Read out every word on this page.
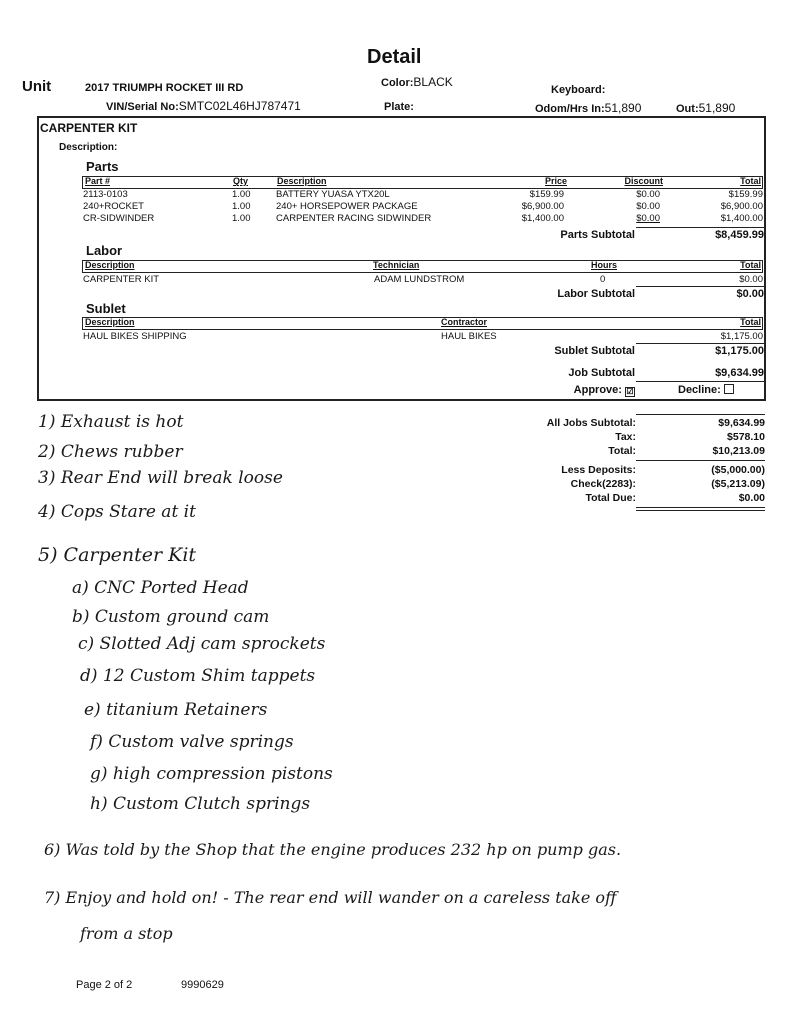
Detail
Unit	2017 TRIUMPH ROCKET III RD
VIN/Serial No:SMTC02L46HJ787471
Color:BLACK
Plate:
Keyboard:
Odom/Hrs In:51,890	Out:51,890
CARPENTER KIT
Description:
Parts
Part #	Qty	Description	Price	Discount	Total
2113-0103	1.00	BATTERY YUASA YTX20L	$159.99	$0.00	$159.99
240+ROCKET	1.00	240+ HORSEPOWER PACKAGE	$6,900.00	$0.00	$6,900.00
CR-SIDWINDER	1.00	CARPENTER RACING SIDWINDER	$1,400.00	$0.00	$1,400.00
Parts Subtotal	$8,459.99
Labor
Description	Technician	Hours	Total
CARPENTER KIT	ADAM LUNDSTROM	0	$0.00
Labor Subtotal	$0.00
Sublet
Description	Contractor	Total
HAUL BIKES SHIPPING	HAUL BIKES	$1,175.00
Sublet Subtotal	$1,175.00
Job Subtotal	$9,634.99
Approve: ☑	Decline:
All Jobs Subtotal:	$9,634.99
Tax:	$578.10
Total:	$10,213.09
Less Deposits:	($5,000.00)
Check(2283):	($5,213.09)
Total Due:	$0.00
1) Exhaust is hot
2) Chews rubber
3) Rear End will break loose
4) Cops Stare at it
5) Carpenter Kit
a) CNC Ported Head
b) Custom ground cam
c) Slotted Adj cam sprockets
d) 12 Custom Shim tappets
e) titanium Retainers
f) Custom valve springs
g) high compression pistons
h) Custom Clutch springs
6) Was told by the Shop that the engine produces 232 hp on pump gas.
7) Enjoy and hold on! - The rear end will wander on a careless take off
from a stop
Page 2 of 2	9990629
